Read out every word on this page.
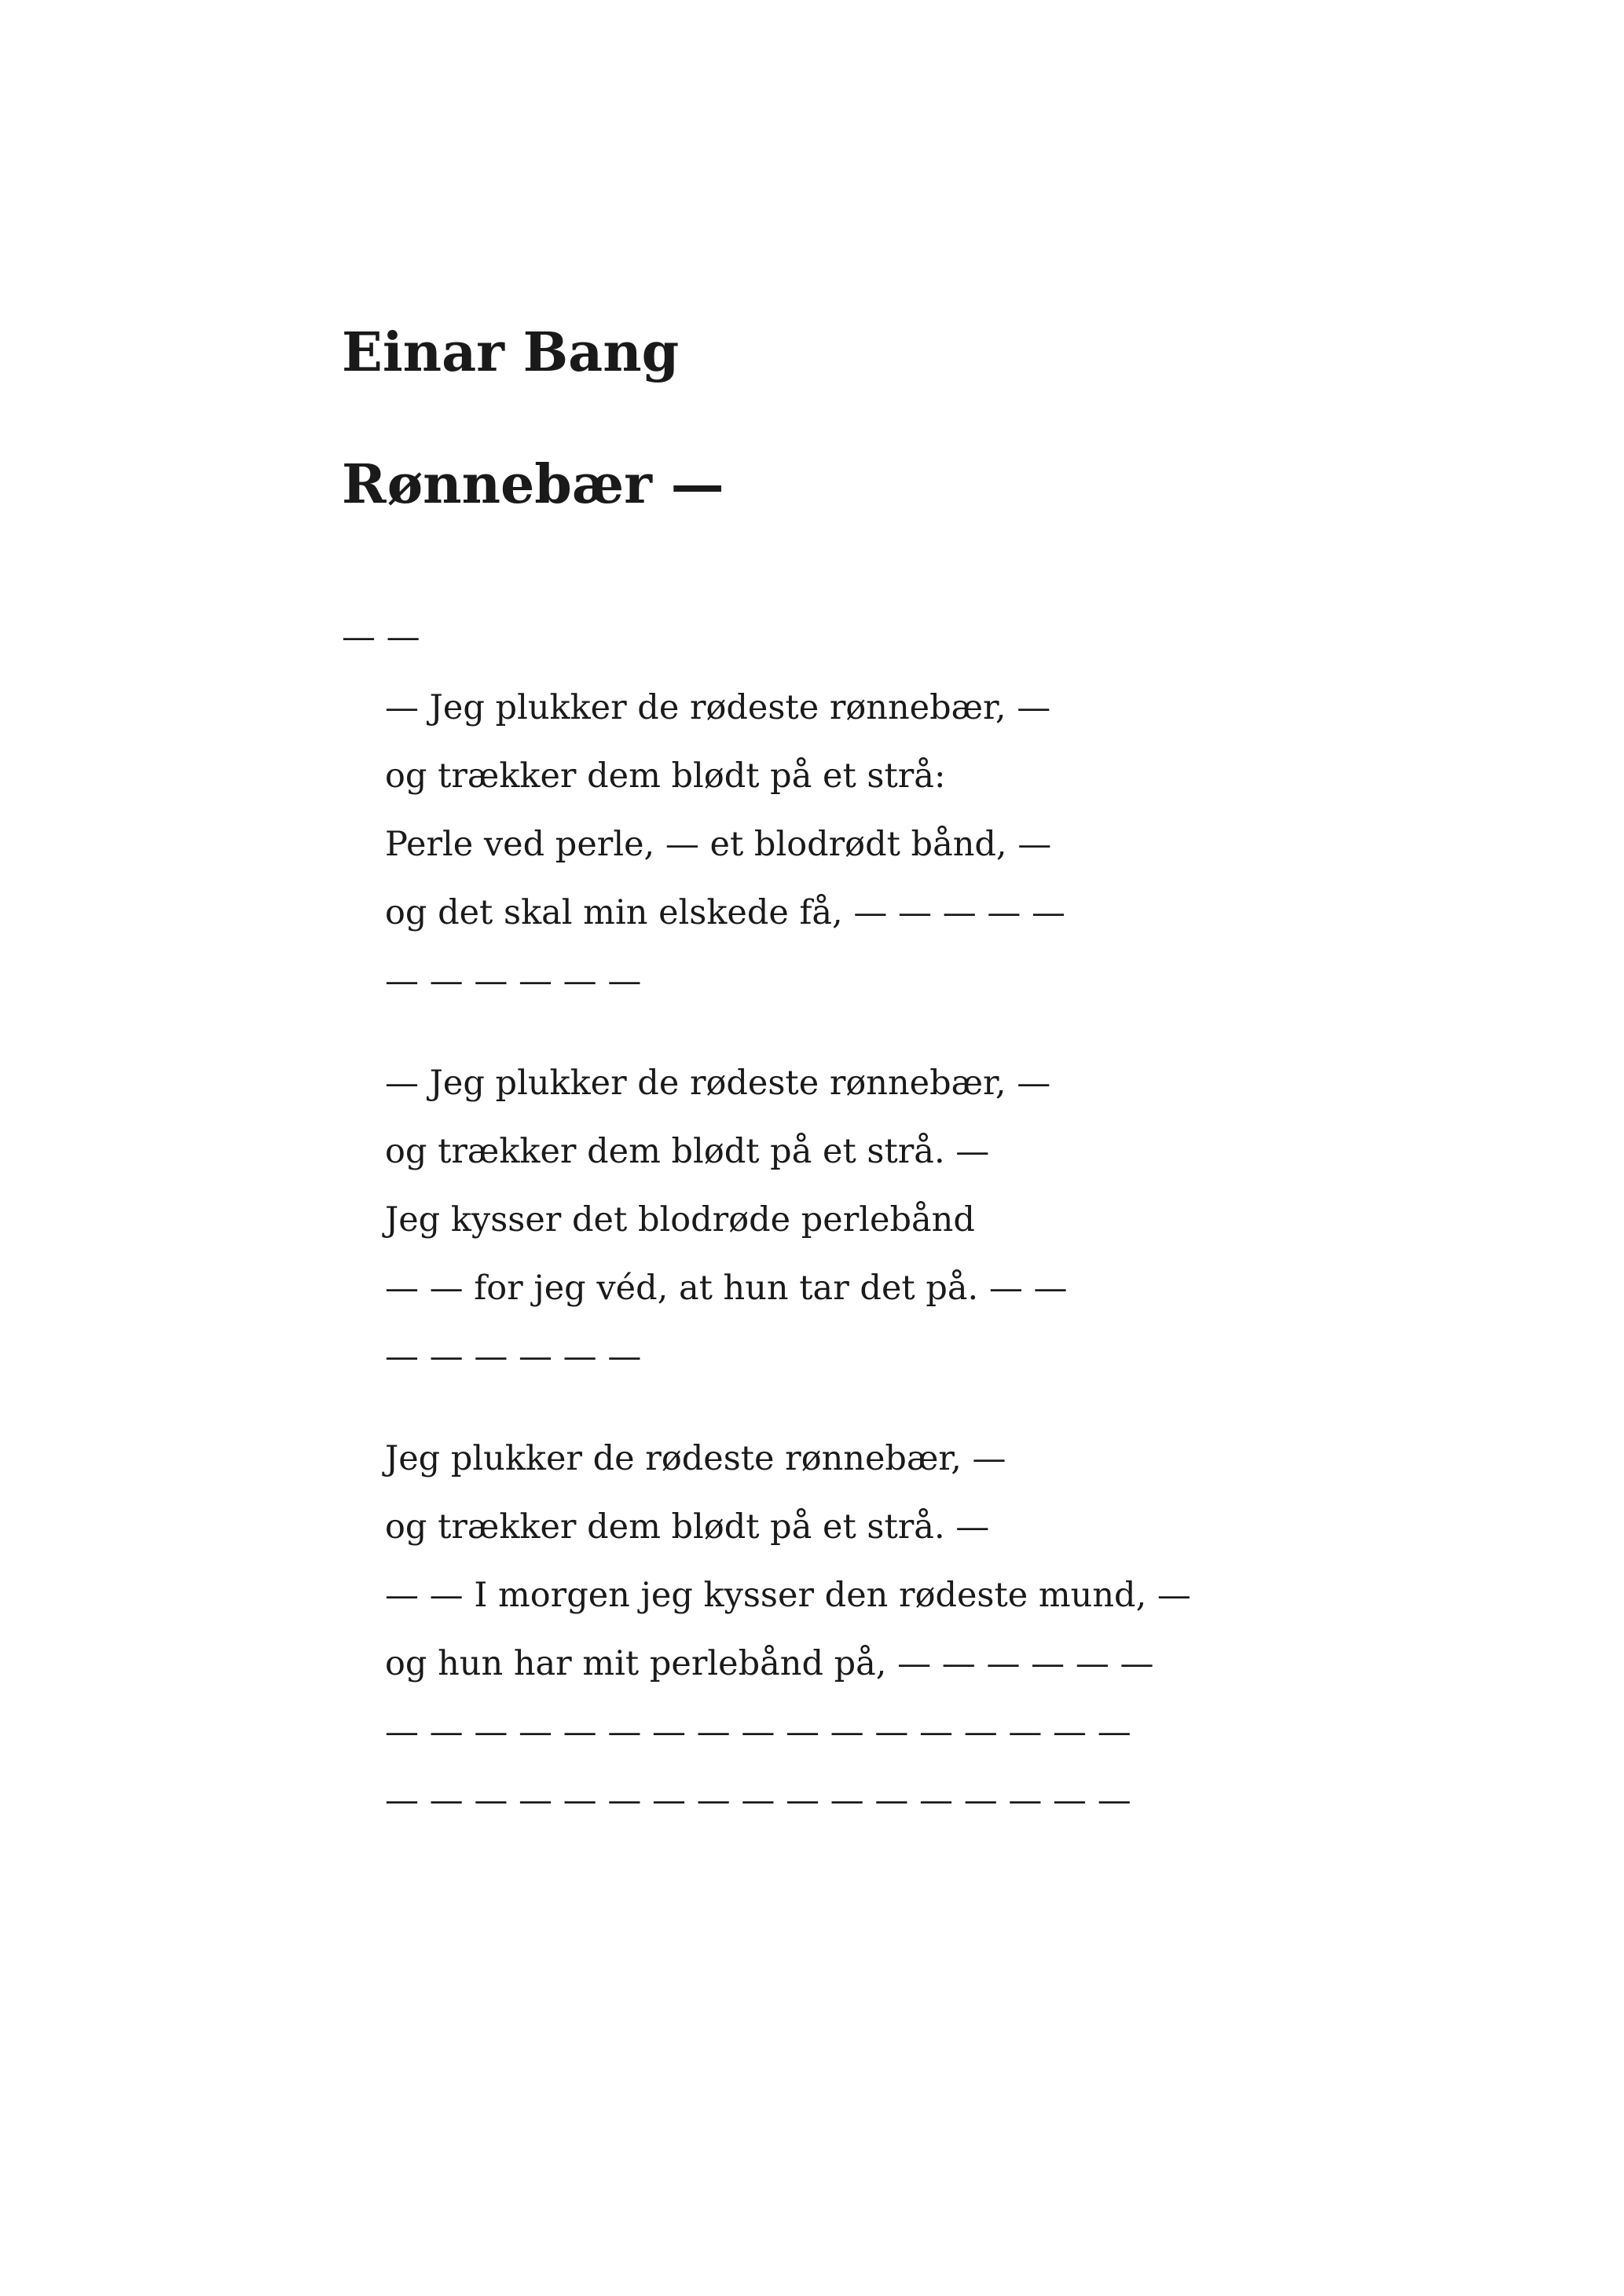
Einar Bang
Rønnebær —
— —
— Jeg plukker de rødeste rønnebær, —
og trækker dem blødt på et strå:
Perle ved perle, — et blodrødt bånd, —
og det skal min elskede få, — — — — —
— — — — — —
— Jeg plukker de rødeste rønnebær, —
og trækker dem blødt på et strå. —
Jeg kysser det blodrøde perlebånd
— — for jeg véd, at hun tar det på. — —
— — — — — —
Jeg plukker de rødeste rønnebær, —
og trækker dem blødt på et strå. —
— — I morgen jeg kysser den rødeste mund, —
og hun har mit perlebånd på, — — — — — —
— — — — — — — — — — — — — — — — —
— — — — — — — — — — — — — — — — —
